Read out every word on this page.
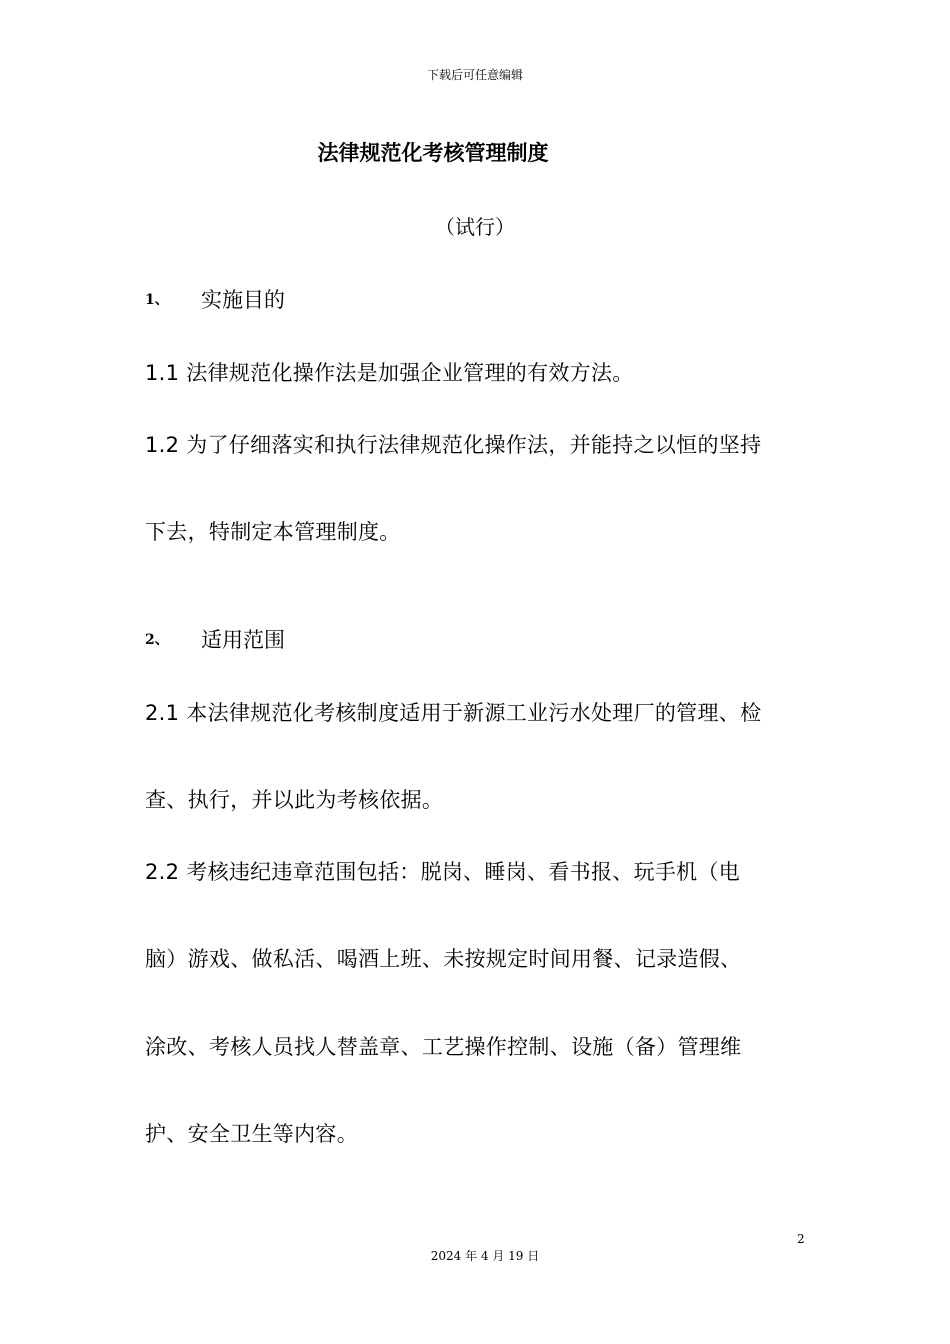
下载后可任意编辑

法律规范化考核管理制度

（试行）

1、 实施目的

1.1 法律规范化操作法是加强企业管理的有效方法。

1.2 为了仔细落实和执行法律规范化操作法，并能持之以恒的坚持

下去，特制定本管理制度。

2、 适用范围

2.1 本法律规范化考核制度适用于新源工业污水处理厂的管理、检

查、执行，并以此为考核依据。

2.2 考核违纪违章范围包括：脱岗、睡岗、看书报、玩手机（电

脑）游戏、做私活、喝酒上班、未按规定时间用餐、记录造假、

涂改、考核人员找人替盖章、工艺操作控制、设施（备）管理维

护、安全卫生等内容。

2

2024 年 4 月 19 日
